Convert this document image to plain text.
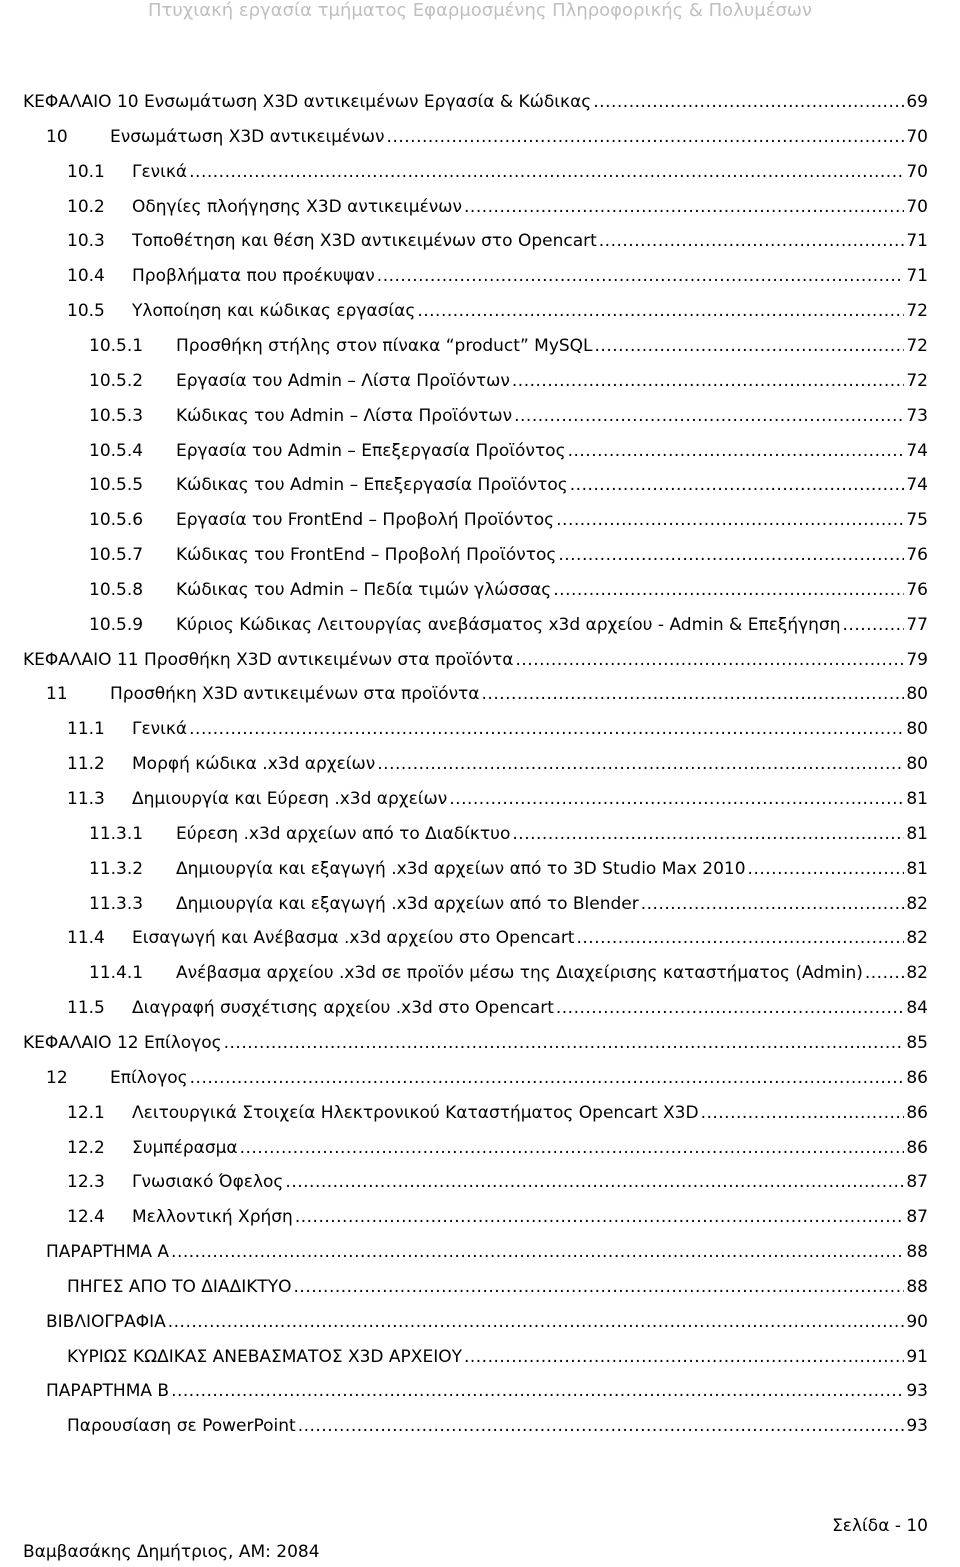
Πτυχιακή εργασία τμήματος Εφαρμοσμένης Πληροφορικής & Πολυμέσων
ΚΕΦΑΛΑΙΟ 10 Ενσωμάτωση X3D αντικειμένων Εργασία & Κώδικας .....	69
10	Ενσωμάτωση X3D αντικειμένων .....	70
10.1	Γενικά .....	70
10.2	Οδηγίες πλοήγησης X3D αντικειμένων .....	70
10.3	Τοποθέτηση και θέση X3D αντικειμένων στο Opencart .....	71
10.4	Προβλήματα που προέκυψαν .....	71
10.5	Υλοποίηση και κώδικας εργασίας .....	72
10.5.1	Προσθήκη στήλης στον πίνακα “product” MySQL .....	72
10.5.2	Εργασία του Admin – Λίστα Προϊόντων .....	72
10.5.3	Κώδικας του Admin – Λίστα Προϊόντων .....	73
10.5.4	Εργασία του Admin – Επεξεργασία Προϊόντος .....	74
10.5.5	Κώδικας του Admin – Επεξεργασία Προϊόντος .....	74
10.5.6	Εργασία του FrontEnd – Προβολή Προϊόντος .....	75
10.5.7	Κώδικας του FrontEnd – Προβολή Προϊόντος .....	76
10.5.8	Κώδικας του Admin – Πεδία τιμών γλώσσας .....	76
10.5.9	Κύριος Κώδικας Λειτουργίας ανεβάσματος x3d αρχείου - Admin & Επεξήγηση .....	77
ΚΕΦΑΛΑΙΟ 11 Προσθήκη X3D αντικειμένων στα προϊόντα .....	79
11	Προσθήκη X3D αντικειμένων στα προϊόντα .....	80
11.1	Γενικά .....	80
11.2	Μορφή κώδικα .x3d αρχείων .....	80
11.3	Δημιουργία και Εύρεση .x3d αρχείων .....	81
11.3.1	Εύρεση .x3d αρχείων από το Διαδίκτυο .....	81
11.3.2	Δημιουργία και εξαγωγή .x3d αρχείων από το 3D Studio Max 2010 .....	81
11.3.3	Δημιουργία και εξαγωγή .x3d αρχείων από το Blender .....	82
11.4	Εισαγωγή και Ανέβασμα .x3d αρχείου στο Opencart .....	82
11.4.1	Ανέβασμα αρχείου .x3d σε προϊόν μέσω της Διαχείρισης καταστήματος (Admin) .....	82
11.5	Διαγραφή συσχέτισης αρχείου .x3d στο Opencart .....	84
ΚΕΦΑΛΑΙΟ 12 Επίλογος .....	85
12	Επίλογος .....	86
12.1	Λειτουργικά Στοιχεία Ηλεκτρονικού Καταστήματος Opencart X3D .....	86
12.2	Συμπέρασμα .....	86
12.3	Γνωσιακό Όφελος .....	87
12.4	Μελλοντική Χρήση .....	87
ΠΑΡΑΡΤΗΜΑ Α .....	88
ΠΗΓΕΣ ΑΠΟ ΤΟ ΔΙΑΔΙΚΤΥΟ .....	88
ΒΙΒΛΙΟΓΡΑΦΙΑ .....	90
ΚΥΡΙΩΣ ΚΩΔΙΚΑΣ ΑΝΕΒΑΣΜΑΤΟΣ X3D ΑΡΧΕΙΟΥ .....	91
ΠΑΡΑΡΤΗΜΑ Β .....	93
Παρουσίαση σε PowerPoint .....	93
Σελίδα - 10
Βαμβασάκης Δημήτριος, ΑΜ: 2084
